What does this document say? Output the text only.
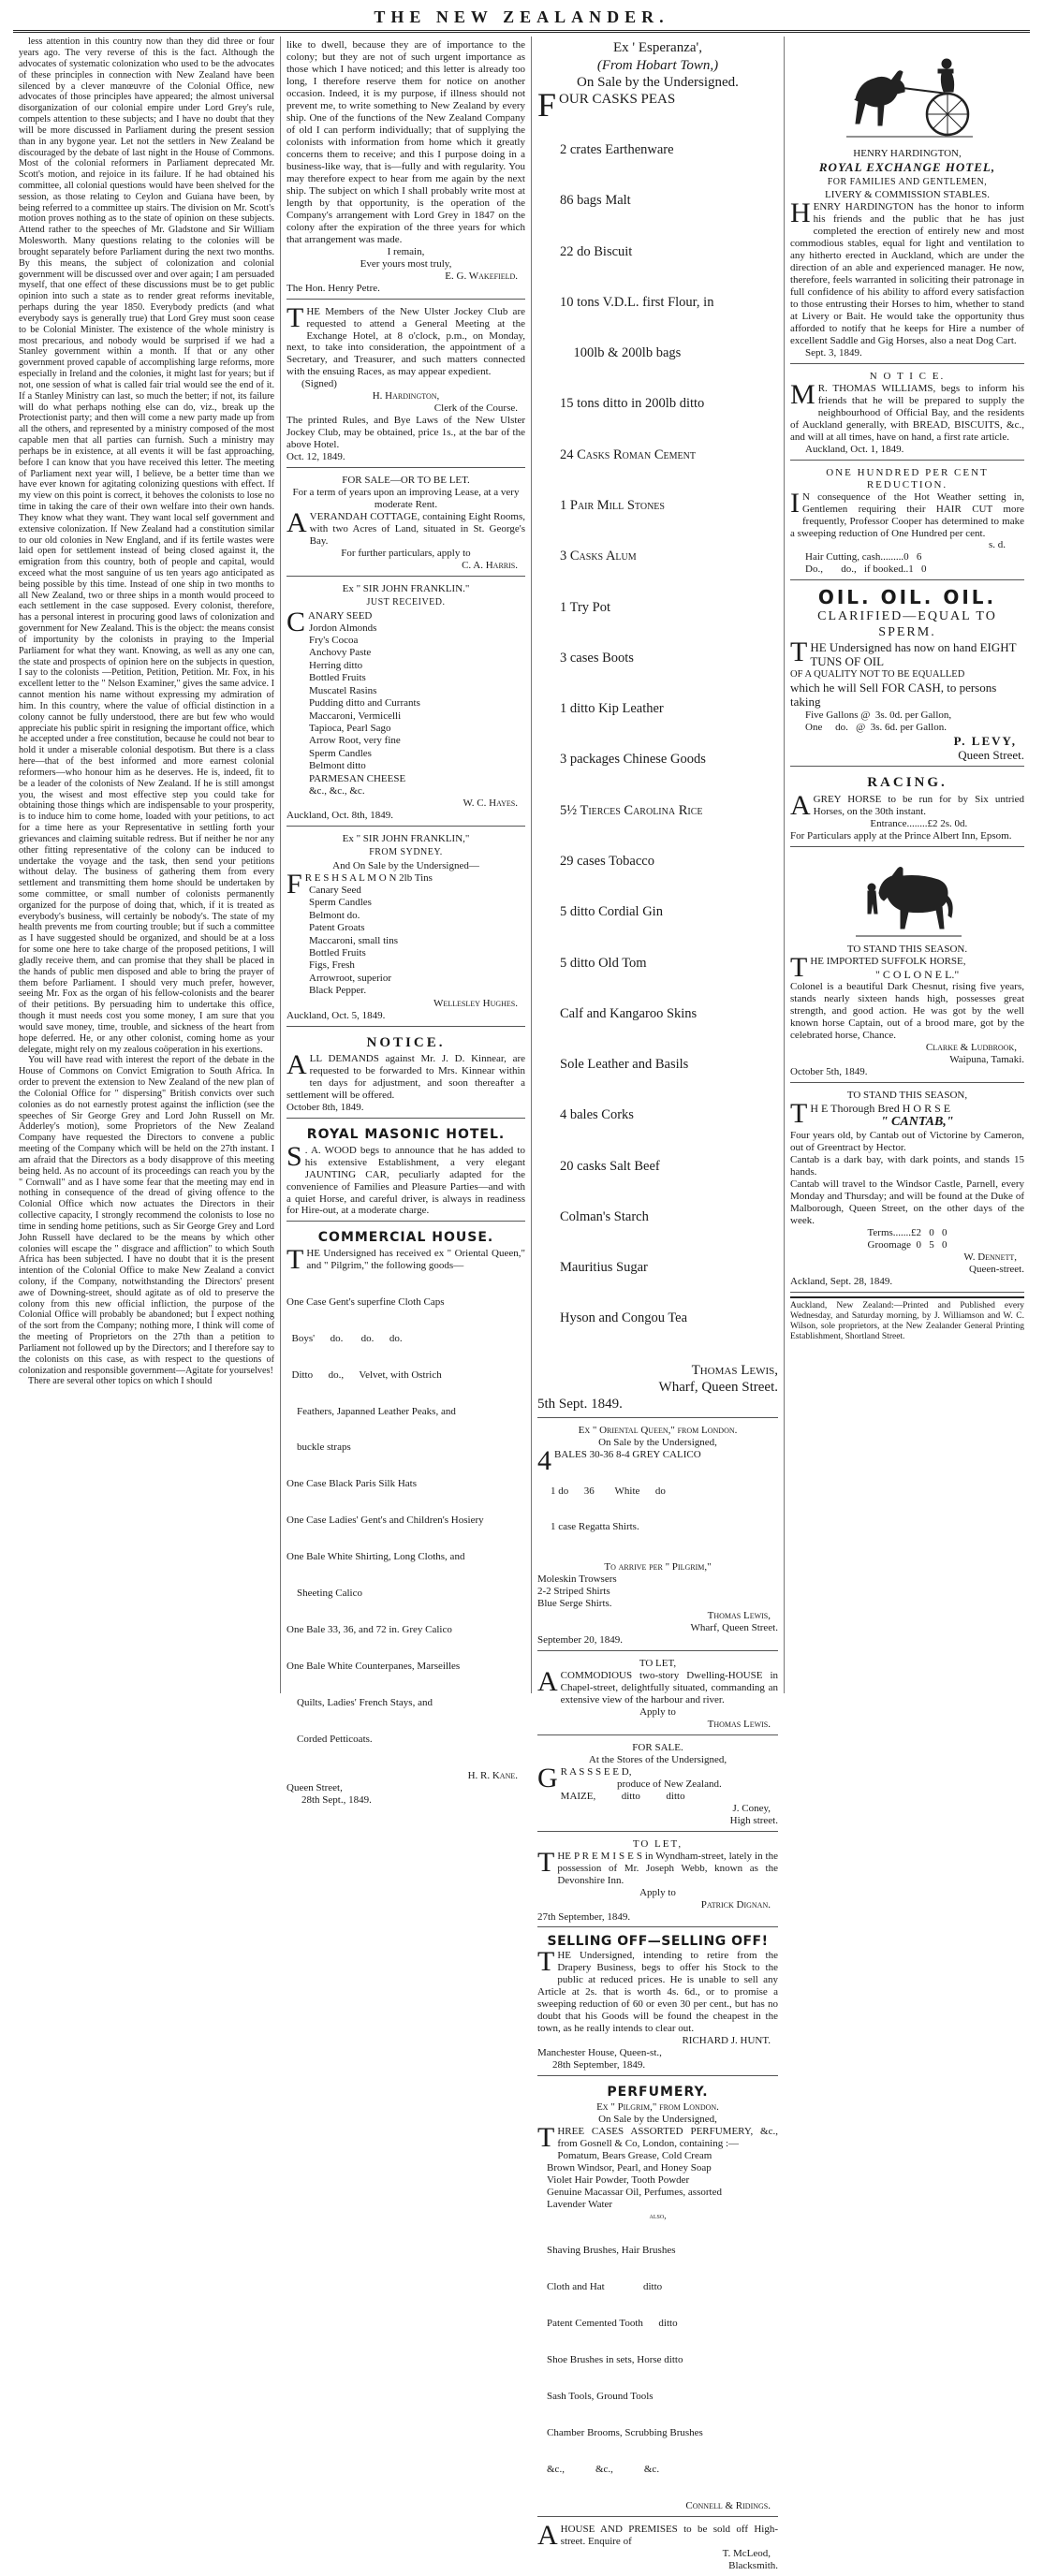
THE NEW ZEALANDER.

less attention in this country now than they did three or four years ago. The very reverse of this is the fact. Although the advocates of systematic colonization who used to be the advocates of these principles in connection with New Zealand have been silenced by a clever manœuvre of the Colonial Office, new advocates of those principles have appeared; the almost universal disorganization of our colonial empire under Lord Grey's rule, compels attention to these subjects; and I have no doubt that they will be more discussed in Parliament during the present session than in any bygone year. Let not the settlers in New Zealand be discouraged by the debate of last night in the House of Commons. Most of the colonial reformers in Parliament deprecated Mr. Scott's motion, and rejoice in its failure. If he had obtained his committee, all colonial questions would have been shelved for the session, as those relating to Ceylon and Guiana have been, by being referred to a committee up stairs. The division on Mr. Scott's motion proves nothing as to the state of opinion on these subjects. Attend rather to the speeches of Mr. Gladstone and Sir William Molesworth. Many questions relating to the colonies will be brought separately before Parliament during the next two months. By this means, the subject of colonization and colonial government will be discussed over and over again; I am persuaded myself, that one effect of these discussions must be to get public opinion into such a state as to render great reforms inevitable, perhaps during the year 1850. Everybody predicts (and what everybody says is generally true) that Lord Grey must soon cease to be Colonial Minister. The existence of the whole ministry is most precarious, and nobody would be surprised if we had a Stanley government within a month. If that or any other government proved capable of accomplishing large reforms, more especially in Ireland and the colonies, it might last for years; but if not, one session of what is called fair trial would see the end of it. If a Stanley Ministry can last, so much the better; if not, its failure will do what perhaps nothing else can do, viz., break up the Protectionist party; and then will come a new party made up from all the others, and represented by a ministry composed of the most capable men that all parties can furnish. Such a ministry may perhaps be in existence, at all events it will be fast approaching, before I can know that you have received this letter. The meeting of Parliament next year will, I believe, be a better time than we have ever known for agitating colonizing questions with effect. If my view on this point is correct, it behoves the colonists to lose no time in taking the care of their own welfare into their own hands. They know what they want. They want local self government and extensive colonization. If New Zealand had a constitution similar to our old colonies in New England, and if its fertile wastes were laid open for settlement instead of being closed against it, the emigration from this country, both of people and capital, would exceed what the most sanguine of us ten years ago anticipated as being possible by this time. Instead of one ship in two months to all New Zealand, two or three ships in a month would proceed to each settlement in the case supposed. Every colonist, therefore, has a personal interest in procuring good laws of colonization and government for New Zealand. This is the object: the means consist of importunity by the colonists in praying to the Imperial Parliament for what they want. Knowing, as well as any one can, the state and prospects of opinion here on the subjects in question, I say to the colonists —Petition, Petition, Petition. Mr. Fox, in his excellent letter to the " Nelson Examiner," gives the same advice. I cannot mention his name without expressing my admiration of him. In this country, where the value of official distinction in a colony cannot be fully understood, there are but few who would appreciate his public spirit in resigning the important office, which he accepted under a free constitution, because he could not bear to hold it under a miserable colonial despotism. But there is a class here—that of the best informed and more earnest colonial reformers—who honour him as he deserves. He is, indeed, fit to be a leader of the colonists of New Zealand. If he is still amongst you, the wisest and most effective step you could take for obtaining those things which are indispensable to your prosperity, is to induce him to come home, loaded with your petitions, to act for a time here as your Representative in settling forth your grievances and claiming suitable redress. But if neither he nor any other fitting representative of the colony can be induced to undertake the voyage and the task, then send your petitions without delay. The business of gathering them from every settlement and transmitting them home should be undertaken by some committee, or small number of colonists permanently organized for the purpose of doing that, which, if it is treated as everybody's business, will certainly be nobody's. The state of my health prevents me from courting trouble; but if such a committee as I have suggested should be organized, and should be at a loss for some one here to take charge of the proposed petitions, I will gladly receive them, and can promise that they shall be placed in the hands of public men disposed and able to bring the prayer of them before Parliament. I should very much prefer, however, seeing Mr. Fox as the organ of his fellow-colonists and the bearer of their petitions. By persuading him to undertake this office, though it must needs cost you some money, I am sure that you would save money, time, trouble, and sickness of the heart from hope deferred. He, or any other colonist, coming home as your delegate, might rely on my zealous coöperation in his exertions.

You will have read with interest the report of the debate in the House of Commons on Convict Emigration to South Africa. In order to prevent the extension to New Zealand of the new plan of the Colonial Office for " dispersing" British convicts over such colonies as do not earnestly protest against the infliction (see the speeches of Sir George Grey and Lord John Russell on Mr. Adderley's motion), some Proprietors of the New Zealand Company have requested the Directors to convene a public meeting of the Company which will be held on the 27th instant. I am afraid that the Directors as a body disapprove of this meeting being held. As no account of its proceedings can reach you by the " Cornwall" and as I have some fear that the meeting may end in nothing in consequence of the dread of giving offence to the Colonial Office which now actuates the Directors in their collective capacity, I strongly recommend the colonists to lose no time in sending home petitions, such as Sir George Grey and Lord John Russell have declared to be the means by which other colonies will escape the " disgrace and affliction" to which South Africa has been subjected. I have no doubt that it is the present intention of the Colonial Office to make New Zealand a convict colony, if the Company, notwithstanding the Directors' present awe of Downing-street, should agitate as of old to preserve the colony from this new official infliction, the purpose of the Colonial Office will probably be abandoned; but I expect nothing of the sort from the Company; nothing more, I think will come of the meeting of Proprietors on the 27th than a petition to Parliament not followed up by the Directors; and I therefore say to the colonists on this case, as with respect to the questions of colonization and responsible government—Agitate for yourselves!

There are several other topics on which I should

like to dwell, because they are of importance to the colony; but they are not of such urgent importance as those which I have noticed; and this letter is already too long, I therefore reserve them for notice on another occasion. Indeed, it is my purpose, if illness should not prevent me, to write something to New Zealand by every ship. One of the functions of the New Zealand Company of old I can perform individually; that of supplying the colonists with information from home which it greatly concerns them to receive; and this I purpose doing in a business-like way, that is—fully and with regularity. You may therefore expect to hear from me again by the next ship. The subject on which I shall probably write most at length by that opportunity, is the operation of the Company's arrangement with Lord Grey in 1847 on the colony after the expiration of the three years for which that arrangement was made.

I remain,

Ever yours most truly,

E. G. Wakefield.

The Hon. Henry Petre.

THE Members of the New Ulster Jockey Club are requested to attend a General Meeting at the Exchange Hotel, at 8 o'clock, p.m., on Monday, next, to take into consideration, the appointment of a Secretary, and Treasurer, and such matters connected with the ensuing Races, as may appear expedient.

(Signed)

H. Hardington,

Clerk of the Course.

The printed Rules, and Bye Laws of the New Ulster Jockey Club, may be obtained, price 1s., at the bar of the above Hotel.

Oct. 12, 1849.

FOR SALE—OR TO BE LET.

For a term of years upon an improving Lease, at a very moderate Rent.

AVERANDAH COTTAGE, containing Eight Rooms, with two Acres of Land, situated in St. George's Bay.

For further particulars, apply to

C. A. Harris.

Ex " SIR JOHN FRANKLIN."

JUST RECEIVED.

CANARY SEED

Jordon Almonds
Fry's Cocoa
Anchovy Paste
Herring ditto
Bottled Fruits
Muscatel Rasins
Pudding ditto and Currants
Maccaroni, Vermicelli
Tapioca, Pearl Sago
Arrow Root, very fine
Sperm Candles
Belmont ditto
PARMESAN CHEESE
&c., &c., &c.

W. C. Hayes.

Auckland, Oct. 8th, 1849.

Ex " SIR JOHN FRANKLIN,"

FROM SYDNEY.

And On Sale by the Undersigned—

F R E S H S A L M O N 2lb Tins

Canary Seed
Sperm Candles
Belmont do.
Patent Groats
Maccaroni, small tins
Bottled Fruits
Figs, Fresh
Arrowroot, superior
Black Pepper.

Wellesley Hughes.

Auckland, Oct. 5, 1849.

NOTICE.

ALL DEMANDS against Mr. J. D. Kinnear, are requested to be forwarded to Mrs. Kinnear within ten days for adjustment, and soon thereafter a settlement will be offered.

October 8th, 1849.

ROYAL MASONIC HOTEL.

S . A. WOOD begs to announce that he has added to his extensive Establishment, a very elegant JAUNTING CAR, peculiarly adapted for the convenience of Families and Pleasure Parties—and with a quiet Horse, and careful driver, is always in readiness for Hire-out, at a moderate charge.

COMMERCIAL HOUSE.

THE Undersigned has received ex " Oriental Queen," and " Pilgrim," the following goods—

One Case Gent's superfine Cloth Caps

Boys'      do.       do.      do.

Ditto      do.,      Velvet, with Ostrich

Feathers, Japanned Leather Peaks, and

buckle straps

One Case Black Paris Silk Hats

One Case Ladies' Gent's and Children's Hosiery

One Bale White Shirting, Long Cloths, and

Sheeting Calico

One Bale 33, 36, and 72 in. Grey Calico

One Bale White Counterpanes, Marseilles

Quilts, Ladies' French Stays, and

Corded Petticoats.

H. R. Kane.

Queen Street,

28th Sept., 1849.

Ex ' Esperanza',

(From Hobart Town,)

On Sale by the Undersigned.

FOUR CASKS PEAS

2 crates Earthenware

86 bags Malt

22 do Biscuit

10 tons V.D.L. first Flour, in

100lb & 200lb bags

15 tons ditto in 200lb ditto

24 Casks Roman Cement

1 Pair Mill Stones

3 Casks Alum

1 Try Pot

3 cases Boots

1 ditto Kip Leather

3 packages Chinese Goods

5½ Tierces Carolina Rice

29 cases Tobacco

5 ditto Cordial Gin

5 ditto Old Tom

Calf and Kangaroo Skins

Sole Leather and Basils

4 bales Corks

20 casks Salt Beef

Colman's Starch

Mauritius Sugar

Hyson and Congou Tea

Thomas Lewis,

Wharf, Queen Street.

5th Sept. 1849.

Ex " Oriental Queen," from London.

On Sale by the Undersigned,

4 BALES 30-36 8-4 GREY CALICO

1 do      36        White      do

1 case Regatta Shirts.

To arrive per " Pilgrim,"

Moleskin Trowsers
2-2 Striped Shirts
Blue Serge Shirts.

Thomas Lewis,

Wharf, Queen Street.

September 20, 1849.

TO LET,

ACOMMODIOUS two-story Dwelling-HOUSE in Chapel-street, delightfully situated, commanding an extensive view of the harbour and river.

Apply to

Thomas Lewis.

FOR SALE.

At the Stores of the Undersigned,

G R A S S S E E D,

produce of New Zealand.

MAIZE,          ditto          ditto

J. Coney,

High street.

TO LET,

THE P R E M I S E S in Wyndham-street, lately in the possession of Mr. Joseph Webb, known as the Devonshire Inn.

Apply to

Patrick Dignan.

27th September, 1849.

SELLING OFF—SELLING OFF!

THE Undersigned, intending to retire from the Drapery Business, begs to offer his Stock to the public at reduced prices. He is unable to sell any Article at 2s. that is worth 4s. 6d., or to promise a sweeping reduction of 60 or even 30 per cent., but has no doubt that his Goods will be found the cheapest in the town, as he really intends to clear out.

RICHARD J. HUNT.

Manchester House, Queen-st.,

28th September, 1849.

PERFUMERY.

Ex " Pilgrim," from London.

On Sale by the Undersigned,

THREE CASES ASSORTED PERFUMERY, &c., from Gosnell & Co, London, containing :—

Pomatum, Bears Grease, Cold Cream
Brown Windsor, Pearl, and Honey Soap
Violet Hair Powder, Tooth Powder
Genuine Macassar Oil, Perfumes, assorted
Lavender Water

also,

Shaving Brushes, Hair Brushes

Cloth and Hat               ditto

Patent Cemented Tooth      ditto

Shoe Brushes in sets, Horse ditto

Sash Tools, Ground Tools

Chamber Brooms, Scrubbing Brushes

&c.,            &c.,            &c.

Connell & Ridings.

AHOUSE AND PREMISES to be sold off High-street. Enquire of

T. McLeod,

Blacksmith.

HENRY HARDINGTON,

ROYAL EXCHANGE HOTEL,

FOR FAMILIES AND GENTLEMEN,

LIVERY & COMMISSION STABLES.

HENRY HARDINGTON has the honor to inform his friends and the public that he has just completed the erection of entirely new and most commodious stables, equal for light and ventilation to any hitherto erected in Auckland, which are under the direction of an able and experienced manager. He now, therefore, feels warranted in soliciting their patronage in full confidence of his ability to afford every satisfaction to those entrusting their Horses to him, whether to stand at Livery or Bait. He would take the opportunity thus afforded to notify that he keeps for Hire a number of excellent Saddle and Gig Horses, also a neat Dog Cart.

Sept. 3, 1849.

N O T I C E.

M R. THOMAS WILLIAMS, begs to inform his friends that he will be prepared to supply the neighbourhood of Official Bay, and the residents of Auckland generally, with BREAD, BISCUITS, &c., and will at all times, have on hand, a first rate article.

Auckland, Oct. 1, 1849.

ONE HUNDRED PER CENT

REDUCTION.

I N consequence of the Hot Weather setting in, Gentlemen requiring their HAIR CUT more frequently, Professor Cooper has determined to make a sweeping reduction of One Hundred per cent.

s. d.

Hair Cutting, cash.........0   6

Do.,       do.,   if booked..1   0

OIL. OIL. OIL.

CLARIFIED—EQUAL TO

SPERM.

THE Undersigned has now on hand EIGHT TUNS OF OIL

OF A QUALITY NOT TO BE EQUALLED

which he will Sell FOR CASH, to persons taking

Five Gallons @  3s. 0d. per Gallon,

One     do.   @  3s. 6d. per Gallon.

P. LEVY,

Queen Street.

RACING.

AGREY HORSE to be run for by Six untried Horses, on the 30th instant.

Entrance........£2 2s. 0d.

For Particulars apply at the Prince Albert Inn, Epsom.

TO STAND THIS SEASON.

THE IMPORTED SUFFOLK HORSE,

" C O L O N E L."

Colonel is a beautiful Dark Chesnut, rising five years, stands nearly sixteen hands high, possesses great strength, and good action. He was got by the well known horse Captain, out of a brood mare, got by the celebrated horse, Chance.

Clarke & Ludbrook,

Waipuna, Tamaki.

October 5th, 1849.

TO STAND THIS SEASON,

T H E Thorough Bred H O R S E

" CANTAB,"

Four years old, by Cantab out of Victorine by Cameron, out of Greentract by Hector.

Cantab is a dark bay, with dark points, and stands 15 hands.

Cantab will travel to the Windsor Castle, Parnell, every Monday and Thursday; and will be found at the Duke of Malborough, Queen Street, on the other days of the week.

Terms.......£2   0   0

Groomage  0   5   0

W. Dennett,

Queen-street.

Ackland, Sept. 28, 1849.

Auckland, New Zealand:—Printed and Published every Wednesday, and Saturday morning, by J. Williamson and W. C. Wilson, sole proprietors, at the New Zealander General Printing Establishment, Shortland Street.
